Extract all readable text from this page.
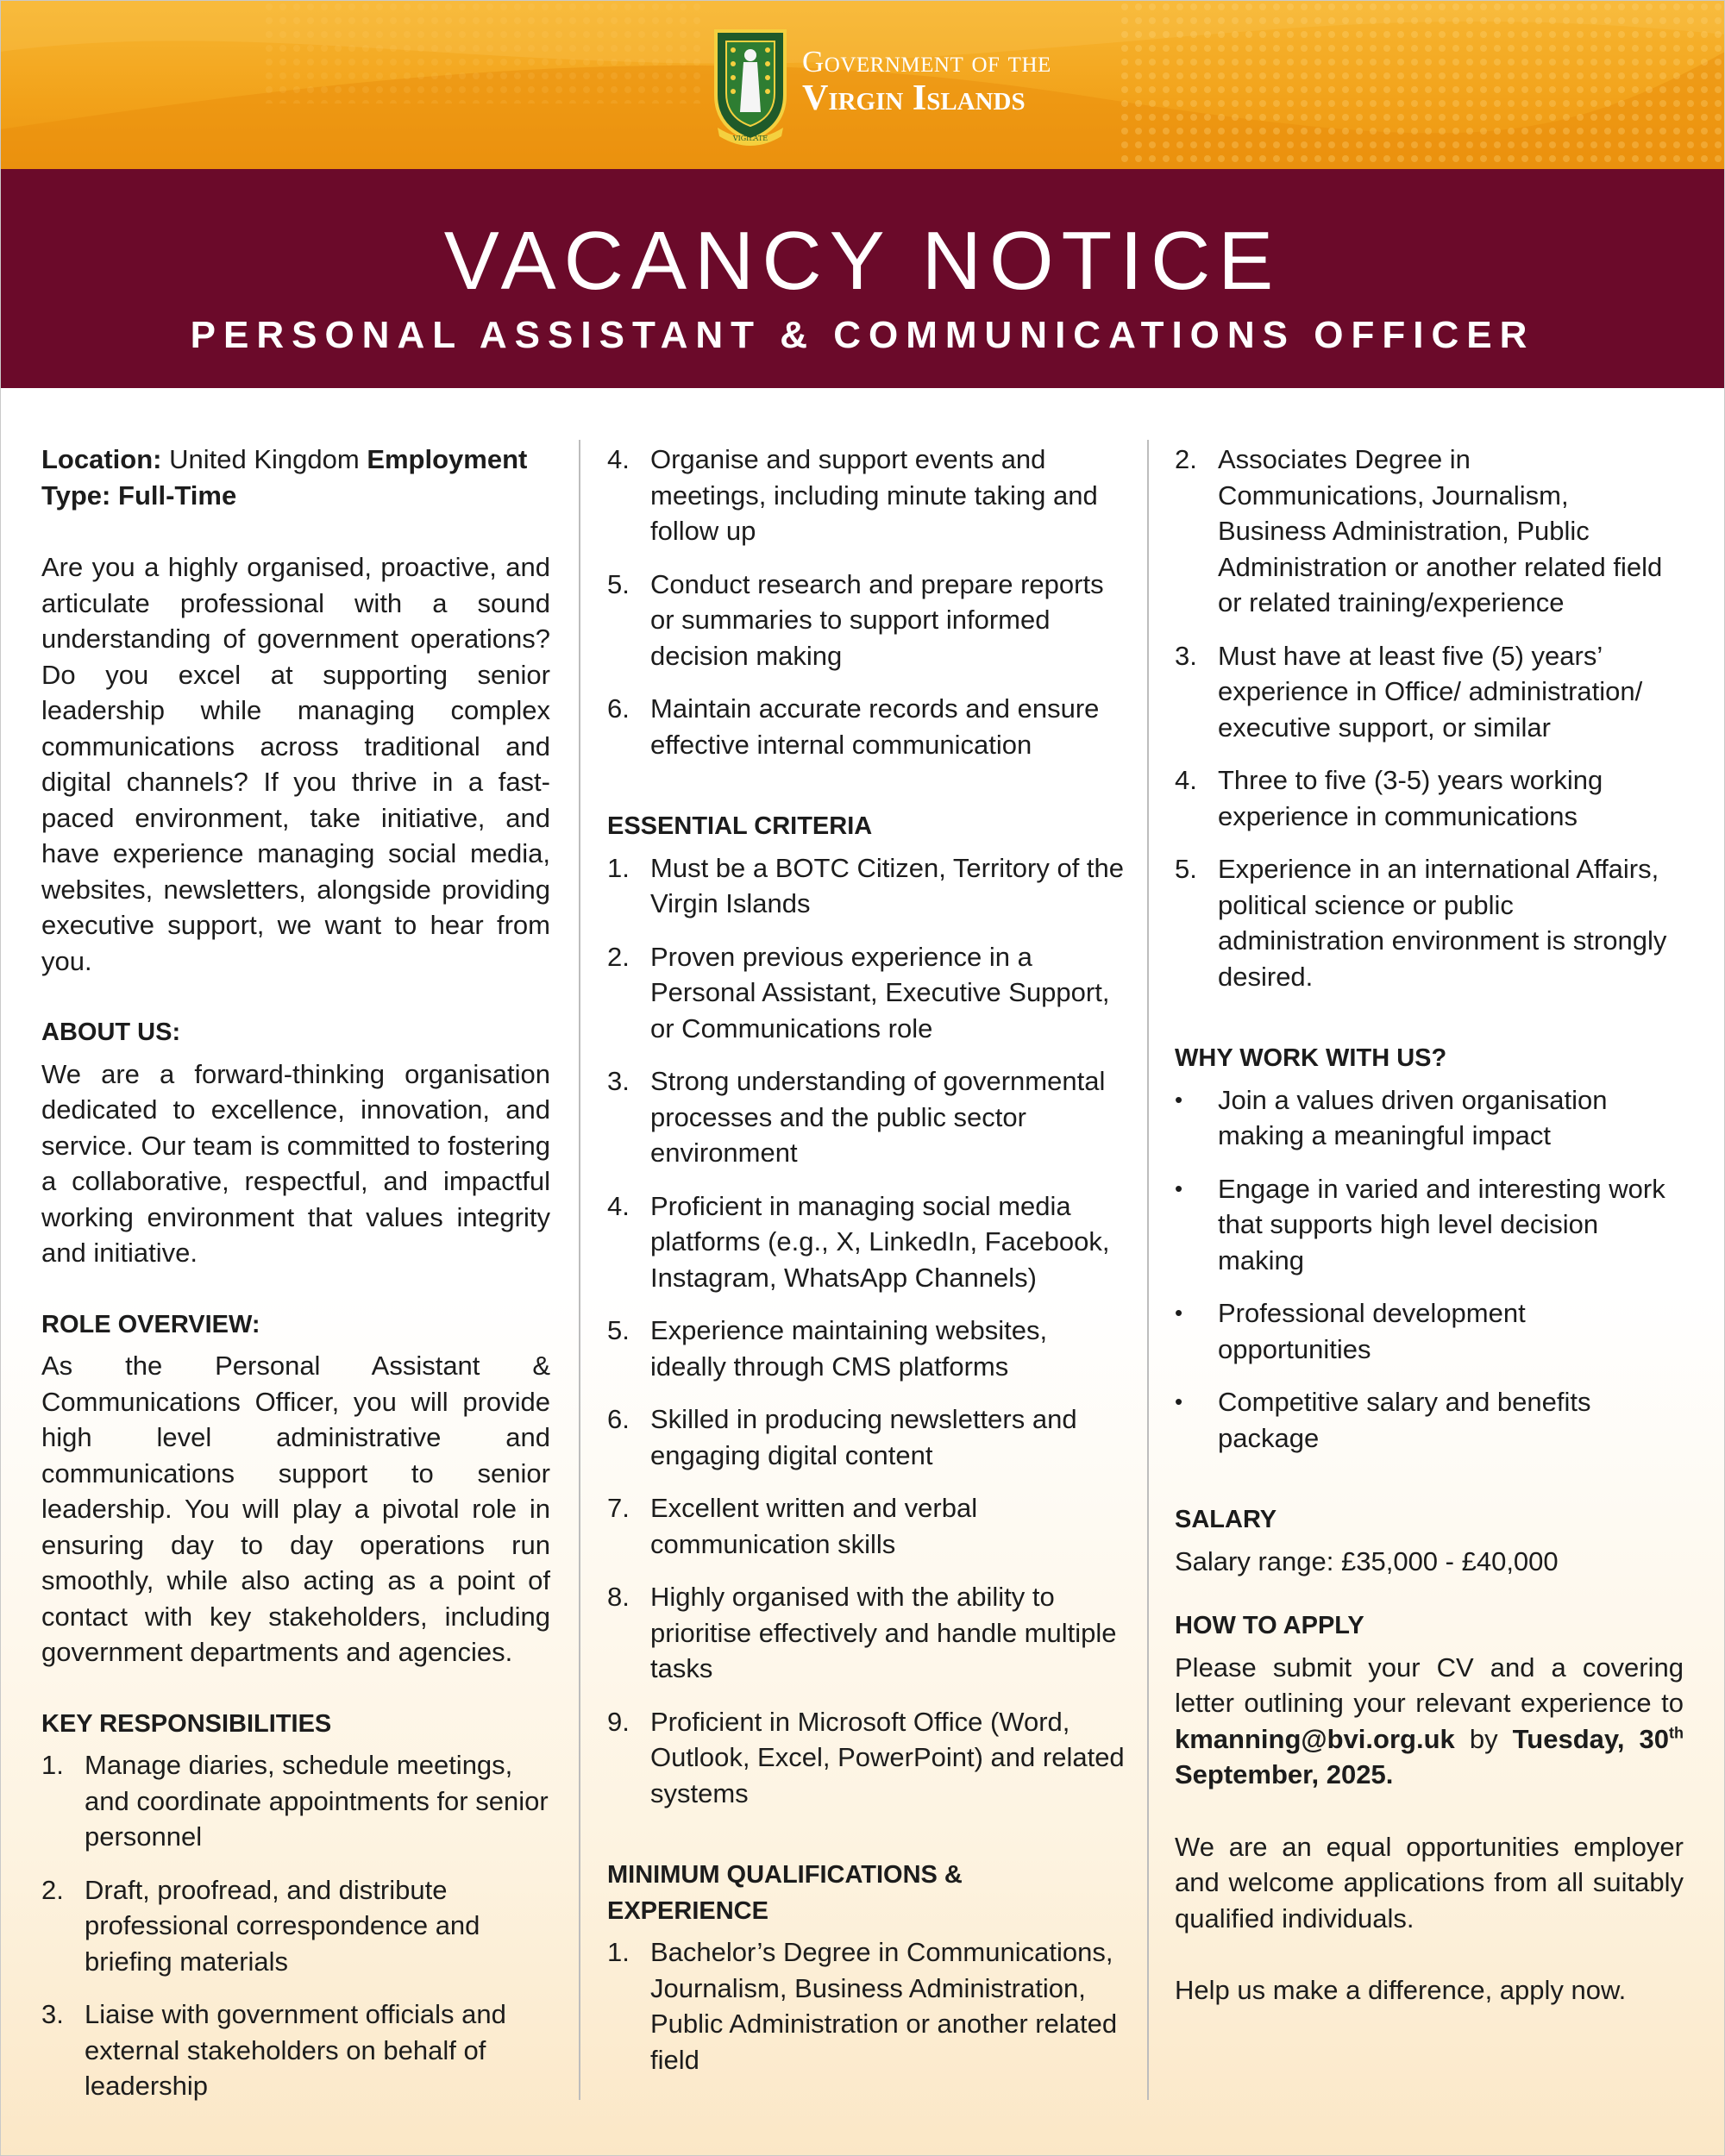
VIGILATE
Government of the
Virgin Islands
VACANCY NOTICE
PERSONAL ASSISTANT & COMMUNICATIONS OFFICER

Location: United Kingdom Employment
Type: Full-Time

Are you a highly organised, proactive, and articulate professional with a sound understanding of government operations? Do you excel at supporting senior leadership while managing complex communications across traditional and digital channels? If you thrive in a fast-paced environment, take initiative, and have experience managing social media, websites, newsletters, alongside providing executive support, we want to hear from you.

ABOUT US:

We are a forward-thinking organisation dedicated to excellence, innovation, and service. Our team is committed to fostering a collaborative, respectful, and impactful working environment that values integrity and initiative.

ROLE OVERVIEW:

As the Personal Assistant & Communications Officer, you will provide high level administrative and communications support to senior leadership. You will play a pivotal role in ensuring day to day operations run smoothly, while also acting as a point of contact with key stakeholders, including government departments and agencies.

KEY RESPONSIBILITIES
1. Manage diaries, schedule meetings, and coordinate appointments for senior personnel
2. Draft, proofread, and distribute professional correspondence and briefing materials
3. Liaise with government officials and external stakeholders on behalf of leadership
4. Organise and support events and meetings, including minute taking and follow up
5. Conduct research and prepare reports or summaries to support informed decision making
6. Maintain accurate records and ensure effective internal communication
ESSENTIAL CRITERIA
1. Must be a BOTC Citizen, Territory of the Virgin Islands
2. Proven previous experience in a Personal Assistant, Executive Support, or Communications role
3. Strong understanding of governmental processes and the public sector environment
4. Proficient in managing social media platforms (e.g., X, LinkedIn, Facebook, Instagram, WhatsApp Channels)
5. Experience maintaining websites, ideally through CMS platforms
6. Skilled in producing newsletters and engaging digital content
7. Excellent written and verbal communication skills
8. Highly organised with the ability to prioritise effectively and handle multiple tasks
9. Proficient in Microsoft Office (Word, Outlook, Excel, PowerPoint) and related systems
MINIMUM QUALIFICATIONS &
EXPERIENCE
1. Bachelor’s Degree in Communications, Journalism, Business Administration, Public Administration or another related field
2. Associates Degree in Communications, Journalism, Business Administration, Public Administration or another related field or related training/experience
3. Must have at least five (5) years’ experience in Office/ administration/ executive support, or similar
4. Three to five (3-5) years working experience in communications
5. Experience in an international Affairs, political science or public administration environment is strongly desired.
WHY WORK WITH US?
• Join a values driven organisation making a meaningful impact
• Engage in varied and interesting work that supports high level decision making
• Professional development opportunities
• Competitive salary and benefits package
SALARY

Salary range: £35,000 - £40,000

HOW TO APPLY

Please submit your CV and a covering letter outlining your relevant experience to kmanning@bvi.org.uk by Tuesday, 30th September, 2025.

We are an equal opportunities employer and welcome applications from all suitably qualified individuals.

Help us make a difference, apply now.
